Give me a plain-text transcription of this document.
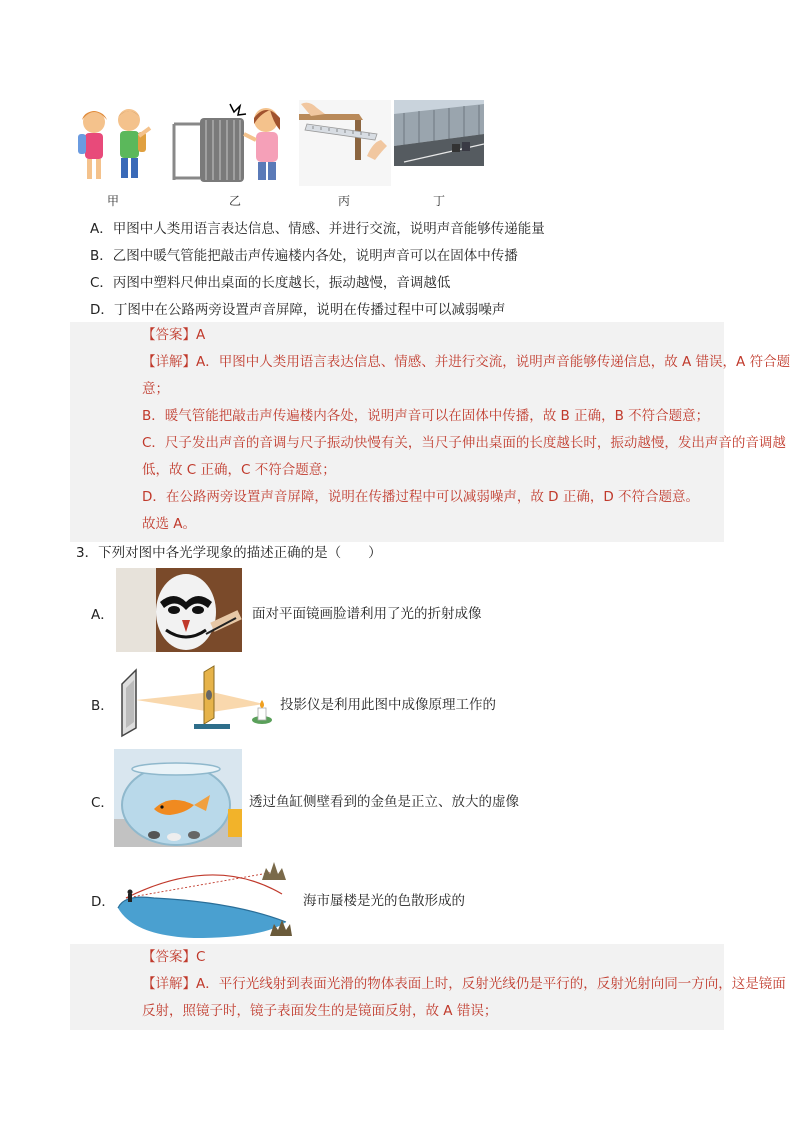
甲	乙	丙	丁
A．甲图中人类用语言表达信息、情感、并进行交流，说明声音能够传递能量
B．乙图中暖气管能把敲击声传遍楼内各处，说明声音可以在固体中传播
C．丙图中塑料尺伸出桌面的长度越长，振动越慢，音调越低
D．丁图中在公路两旁设置声音屏障，说明在传播过程中可以减弱噪声
【答案】A
【详解】A．甲图中人类用语言表达信息、情感、并进行交流，说明声音能够传递信息，故 A 错误，A 符合题意；
B．暖气管能把敲击声传遍楼内各处，说明声音可以在固体中传播，故 B 正确，B 不符合题意；
C．尺子发出声音的音调与尺子振动快慢有关，当尺子伸出桌面的长度越长时，振动越慢，发出声音的音调越低，故 C 正确，C 不符合题意；
D．在公路两旁设置声音屏障，说明在传播过程中可以减弱噪声，故 D 正确，D 不符合题意。
故选 A。
3．下列对图中各光学现象的描述正确的是（　　）
A．	面对平面镜画脸谱利用了光的折射成像
B．	投影仪是利用此图中成像原理工作的
C．	透过鱼缸侧壁看到的金鱼是正立、放大的虚像
D．	海市蜃楼是光的色散形成的
【答案】C
【详解】A．平行光线射到表面光滑的物体表面上时，反射光线仍是平行的，反射光射向同一方向，这是镜面反射，照镜子时，镜子表面发生的是镜面反射，故 A 错误；
